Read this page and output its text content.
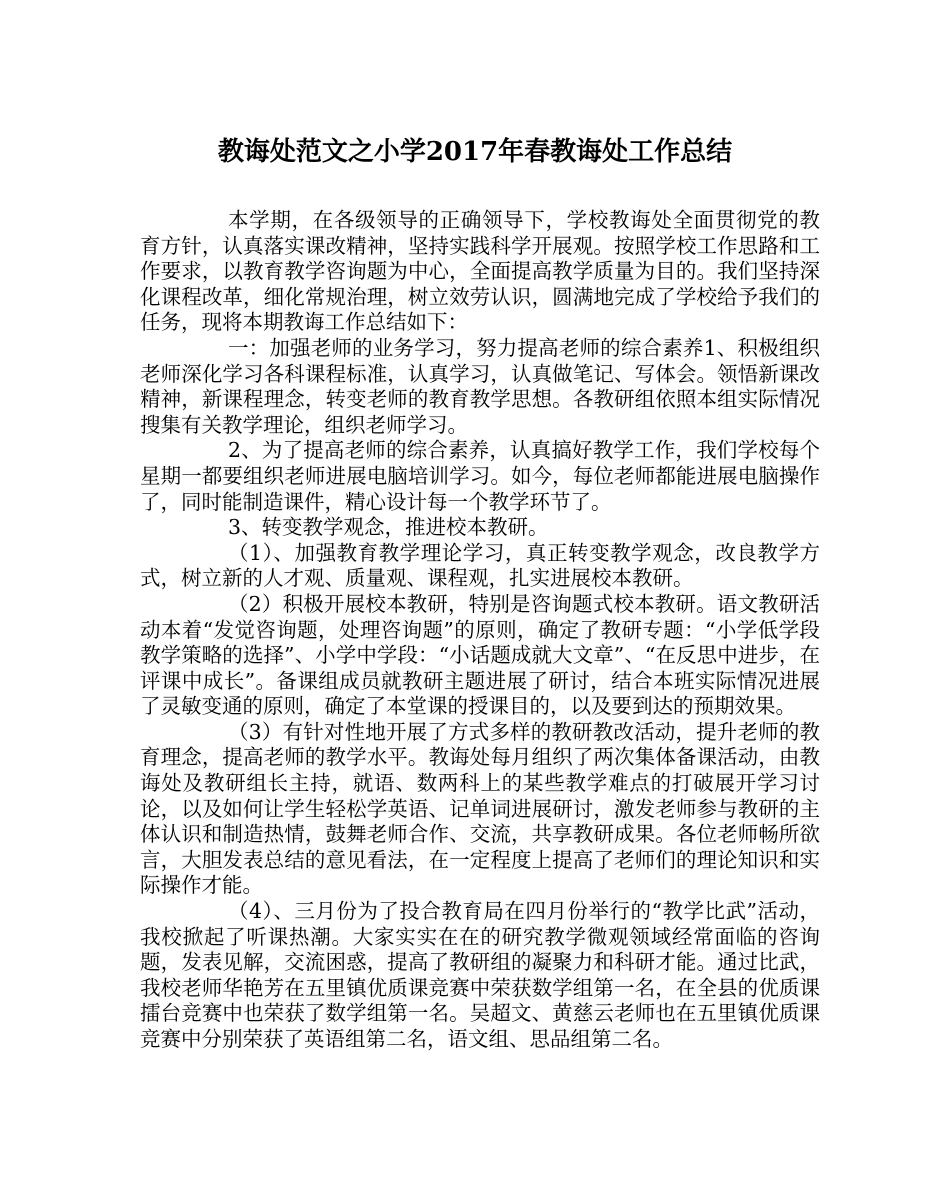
教诲处范文之小学2017年春教诲处工作总结

本学期，在各级领导的正确领导下，学校教诲处全面贯彻党的教育方针，认真落实课改精神，坚持实践科学开展观。按照学校工作思路和工作要求，以教育教学咨询题为中心，全面提高教学质量为目的。我们坚持深化课程改革，细化常规治理，树立效劳认识，圆满地完成了学校给予我们的任务，现将本期教诲工作总结如下：

一：加强老师的业务学习，努力提高老师的综合素养1、积极组织老师深化学习各科课程标准，认真学习，认真做笔记、写体会。领悟新课改精神，新课程理念，转变老师的教育教学思想。各教研组依照本组实际情况搜集有关教学理论，组织老师学习。

2、为了提高老师的综合素养，认真搞好教学工作，我们学校每个星期一都要组织老师进展电脑培训学习。如今，每位老师都能进展电脑操作了，同时能制造课件，精心设计每一个教学环节了。

3、转变教学观念，推进校本教研。

（1）、加强教育教学理论学习，真正转变教学观念，改良教学方式，树立新的人才观、质量观、课程观，扎实进展校本教研。

（2）积极开展校本教研，特别是咨询题式校本教研。语文教研活动本着“发觉咨询题，处理咨询题”的原则，确定了教研专题：“小学低学段教学策略的选择”、小学中学段：“小话题成就大文章”、“在反思中进步，在评课中成长”。备课组成员就教研主题进展了研讨，结合本班实际情况进展了灵敏变通的原则，确定了本堂课的授课目的，以及要到达的预期效果。

（3）有针对性地开展了方式多样的教研教改活动，提升老师的教育理念，提高老师的教学水平。教诲处每月组织了两次集体备课活动，由教诲处及教研组长主持，就语、数两科上的某些教学难点的打破展开学习讨论，以及如何让学生轻松学英语、记单词进展研讨，激发老师参与教研的主体认识和制造热情，鼓舞老师合作、交流，共享教研成果。各位老师畅所欲言，大胆发表总结的意见看法，在一定程度上提高了老师们的理论知识和实际操作才能。

（4）、三月份为了投合教育局在四月份举行的“教学比武”活动，我校掀起了听课热潮。大家实实在在的研究教学微观领域经常面临的咨询题，发表见解，交流困惑，提高了教研组的凝聚力和科研才能。通过比武，我校老师华艳芳在五里镇优质课竞赛中荣获数学组第一名，在全县的优质课擂台竞赛中也荣获了数学组第一名。吴超文、黄慈云老师也在五里镇优质课竞赛中分别荣获了英语组第二名，语文组、思品组第二名。
